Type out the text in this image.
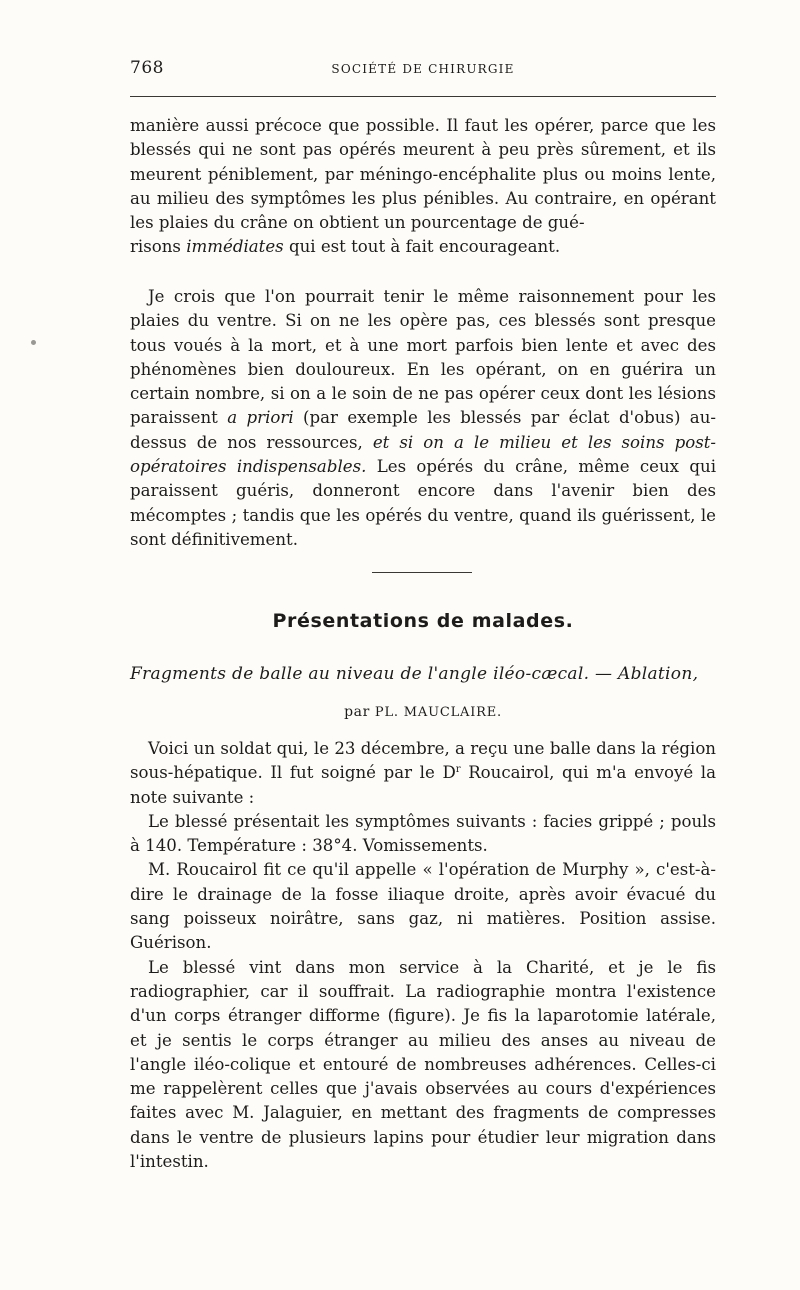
768	SOCIÉTÉ DE CHIRURGIE

manière aussi précoce que possible. Il faut les opérer, parce que les blessés qui ne sont pas opérés meurent à peu près sûrement, et ils meurent péniblement, par méningo-encéphalite plus ou moins lente, au milieu des symptômes les plus pénibles. Au contraire, en opérant les plaies du crâne on obtient un pourcentage de gué-
risons immédiates qui est tout à fait encourageant.

Je crois que l'on pourrait tenir le même raisonnement pour les plaies du ventre. Si on ne les opère pas, ces blessés sont presque tous voués à la mort, et à une mort parfois bien lente et avec des phénomènes bien douloureux. En les opérant, on en guérira un certain nombre, si on a le soin de ne pas opérer ceux dont les lésions paraissent a priori (par exemple les blessés par éclat d'obus) au-dessus de nos ressources, et si on a le milieu et les soins post-opératoires indispensables. Les opérés du crâne, même ceux qui paraissent guéris, donneront encore dans l'avenir bien des mécomptes ; tandis que les opérés du ventre, quand ils guérissent, le sont définitivement.

Présentations de malades.
Fragments de balle au niveau de l'angle iléo-cæcal. — Ablation,
par PL. MAUCLAIRE.

Voici un soldat qui, le 23 décembre, a reçu une balle dans la région sous-hépatique. Il fut soigné par le $D^r$ Roucairol, qui m'a envoyé la note suivante :

Le blessé présentait les symptômes suivants : facies grippé ; pouls à 140. Température : 38°4. Vomissements.

M. Roucairol fit ce qu'il appelle « l'opération de Murphy », c'est-à-dire le drainage de la fosse iliaque droite, après avoir évacué du sang poisseux noirâtre, sans gaz, ni matières. Position assise. Guérison.

Le blessé vint dans mon service à la Charité, et je le fis radiographier, car il souffrait. La radiographie montra l'existence d'un corps étranger difforme (figure). Je fis la laparotomie latérale, et je sentis le corps étranger au milieu des anses au niveau de l'angle iléo-colique et entouré de nombreuses adhérences. Celles-ci me rappelèrent celles que j'avais observées au cours d'expériences faites avec M. Jalaguier, en mettant des fragments de compresses dans le ventre de plusieurs lapins pour étudier leur migration dans l'intestin.
